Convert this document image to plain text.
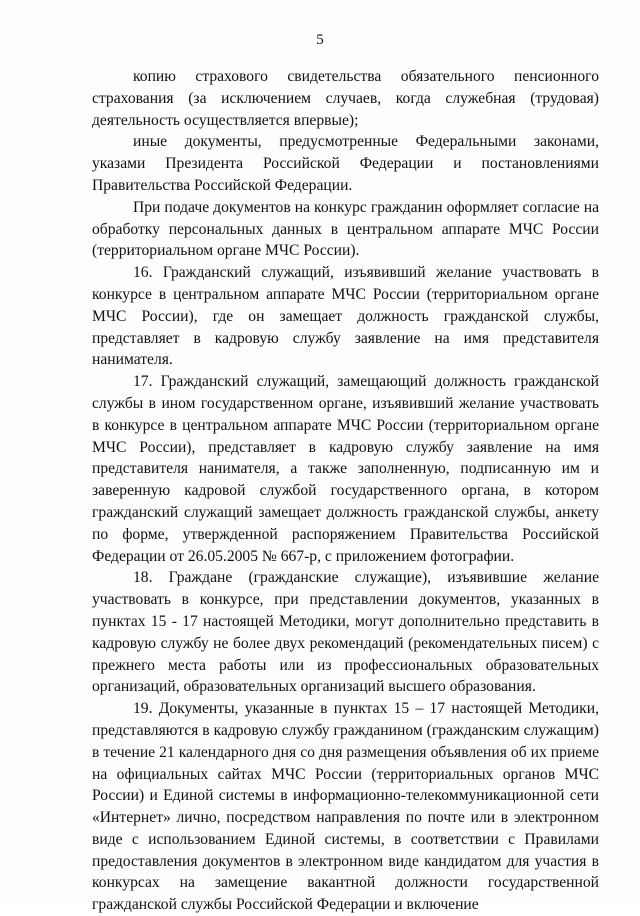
5

копию страхового свидетельства обязательного пенсионного страхования (за исключением случаев, когда служебная (трудовая) деятельность осуществляется впервые);

иные документы, предусмотренные Федеральными законами, указами Президента Российской Федерации и постановлениями Правительства Российской Федерации.

При подаче документов на конкурс гражданин оформляет согласие на обработку персональных данных в центральном аппарате МЧС России (территориальном органе МЧС России).

16. Гражданский служащий, изъявивший желание участвовать в конкурсе в центральном аппарате МЧС России (территориальном органе МЧС России), где он замещает должность гражданской службы, представляет в кадровую службу заявление на имя представителя нанимателя.

17. Гражданский служащий, замещающий должность гражданской службы в ином государственном органе, изъявивший желание участвовать в конкурсе в центральном аппарате МЧС России (территориальном органе МЧС России), представляет в кадровую службу заявление на имя представителя нанимателя, а также заполненную, подписанную им и заверенную кадровой службой государственного органа, в котором гражданский служащий замещает должность гражданской службы, анкету по форме, утвержденной распоряжением Правительства Российской Федерации от 26.05.2005 № 667-р, с приложением фотографии.

18. Граждане (гражданские служащие), изъявившие желание участвовать в конкурсе, при представлении документов, указанных в пунктах 15 - 17 настоящей Методики, могут дополнительно представить в кадровую службу не более двух рекомендаций (рекомендательных писем) с прежнего места работы или из профессиональных образовательных организаций, образовательных организаций высшего образования.

19. Документы, указанные в пунктах 15 – 17 настоящей Методики, представляются в кадровую службу гражданином (гражданским служащим) в течение 21 календарного дня со дня размещения объявления об их приеме на официальных сайтах МЧС России (территориальных органов МЧС России) и Единой системы в информационно-телекоммуникационной сети «Интернет» лично, посредством направления по почте или в электронном виде с использованием Единой системы, в соответствии с Правилами предоставления документов в электронном виде кандидатом для участия в конкурсах на замещение вакантной должности государственной гражданской службы Российской Федерации и включение
